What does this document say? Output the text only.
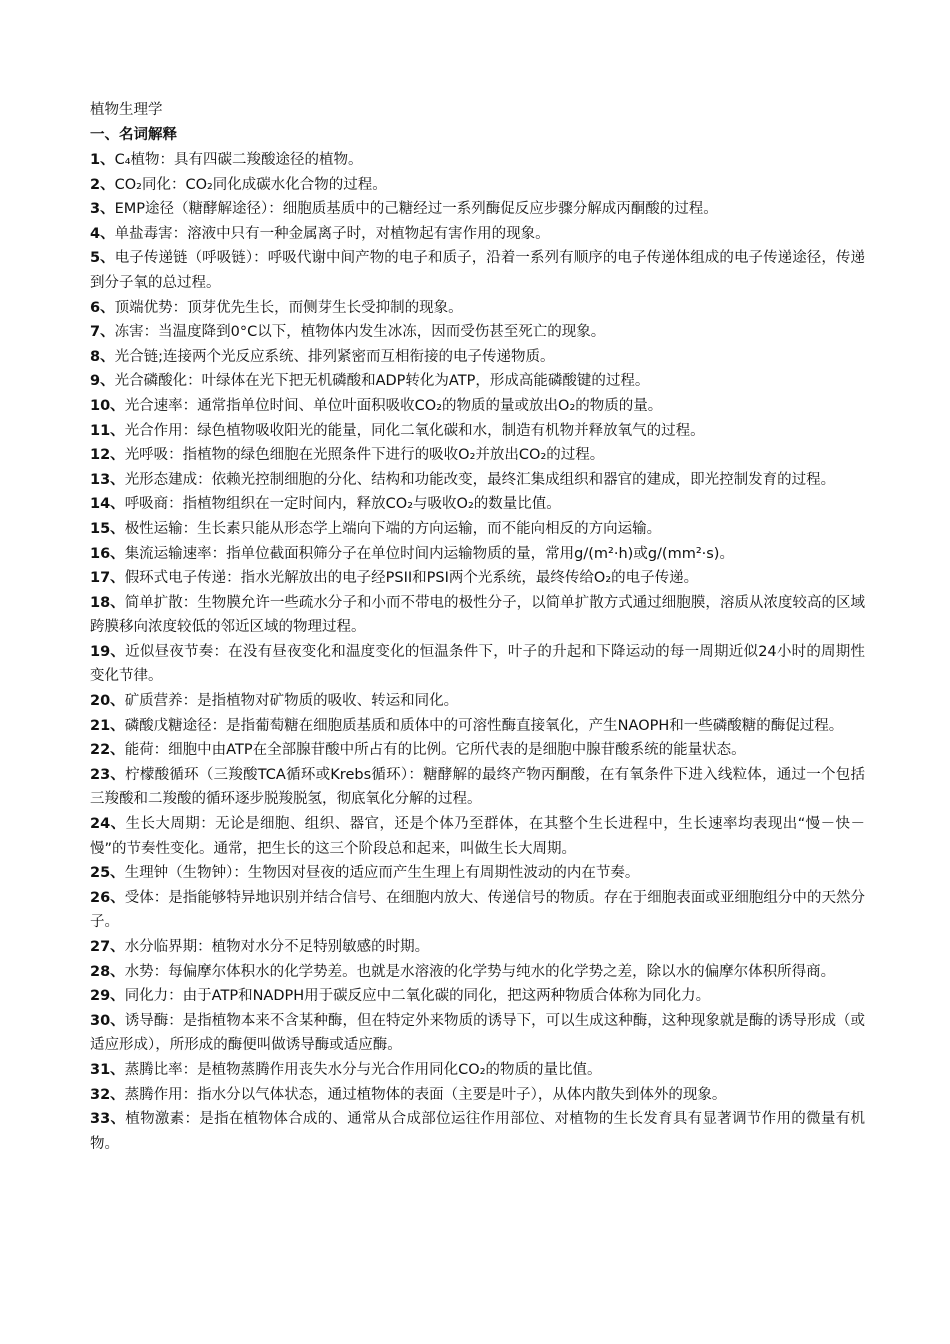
植物生理学
一、名词解释
1、C₄植物：具有四碳二羧酸途径的植物。
2、CO₂同化：CO₂同化成碳水化合物的过程。
3、EMP途径（糖酵解途径）：细胞质基质中的己糖经过一系列酶促反应步骤分解成丙酮酸的过程。
4、单盐毒害：溶液中只有一种金属离子时，对植物起有害作用的现象。
5、电子传递链（呼吸链）：呼吸代谢中间产物的电子和质子，沿着一系列有顺序的电子传递体组成的电子传递途径，传递到分子氧的总过程。
6、顶端优势：顶芽优先生长，而侧芽生长受抑制的现象。
7、冻害：当温度降到0°C以下，植物体内发生冰冻，因而受伤甚至死亡的现象。
8、光合链;连接两个光反应系统、排列紧密而互相衔接的电子传递物质。
9、光合磷酸化：叶绿体在光下把无机磷酸和ADP转化为ATP，形成高能磷酸键的过程。
10、光合速率：通常指单位时间、单位叶面积吸收CO₂的物质的量或放出O₂的物质的量。
11、光合作用：绿色植物吸收阳光的能量，同化二氧化碳和水，制造有机物并释放氧气的过程。
12、光呼吸：指植物的绿色细胞在光照条件下进行的吸收O₂并放出CO₂的过程。
13、光形态建成：依赖光控制细胞的分化、结构和功能改变，最终汇集成组织和器官的建成，即光控制发育的过程。
14、呼吸商：指植物组织在一定时间内，释放CO₂与吸收O₂的数量比值。
15、极性运输：生长素只能从形态学上端向下端的方向运输，而不能向相反的方向运输。
16、集流运输速率：指单位截面积筛分子在单位时间内运输物质的量，常用g/(m²·h)或g/(mm²·s)。
17、假环式电子传递：指水光解放出的电子经PSII和PSI两个光系统，最终传给O₂的电子传递。
18、简单扩散：生物膜允许一些疏水分子和小而不带电的极性分子，以简单扩散方式通过细胞膜，溶质从浓度较高的区域跨膜移向浓度较低的邻近区域的物理过程。
19、近似昼夜节奏：在没有昼夜变化和温度变化的恒温条件下，叶子的升起和下降运动的每一周期近似24小时的周期性变化节律。
20、矿质营养：是指植物对矿物质的吸收、转运和同化。
21、磷酸戊糖途径：是指葡萄糖在细胞质基质和质体中的可溶性酶直接氧化，产生NAOPH和一些磷酸糖的酶促过程。
22、能荷：细胞中由ATP在全部腺苷酸中所占有的比例。它所代表的是细胞中腺苷酸系统的能量状态。
23、柠檬酸循环（三羧酸TCA循环或Krebs循环）：糖酵解的最终产物丙酮酸，在有氧条件下进入线粒体，通过一个包括三羧酸和二羧酸的循环逐步脱羧脱氢，彻底氧化分解的过程。
24、生长大周期：无论是细胞、组织、器官，还是个体乃至群体，在其整个生长进程中，生长速率均表现出“慢－快－慢”的节奏性变化。通常，把生长的这三个阶段总和起来，叫做生长大周期。
25、生理钟（生物钟）：生物因对昼夜的适应而产生生理上有周期性波动的内在节奏。
26、受体：是指能够特异地识别并结合信号、在细胞内放大、传递信号的物质。存在于细胞表面或亚细胞组分中的天然分子。
27、水分临界期：植物对水分不足特别敏感的时期。
28、水势：每偏摩尔体积水的化学势差。也就是水溶液的化学势与纯水的化学势之差，除以水的偏摩尔体积所得商。
29、同化力：由于ATP和NADPH用于碳反应中二氧化碳的同化，把这两种物质合体称为同化力。
30、诱导酶：是指植物本来不含某种酶，但在特定外来物质的诱导下，可以生成这种酶，这种现象就是酶的诱导形成（或适应形成），所形成的酶便叫做诱导酶或适应酶。
31、蒸腾比率：是植物蒸腾作用丧失水分与光合作用同化CO₂的物质的量比值。
32、蒸腾作用：指水分以气体状态，通过植物体的表面（主要是叶子），从体内散失到体外的现象。
33、植物激素：是指在植物体合成的、通常从合成部位运往作用部位、对植物的生长发育具有显著调节作用的微量有机物。
